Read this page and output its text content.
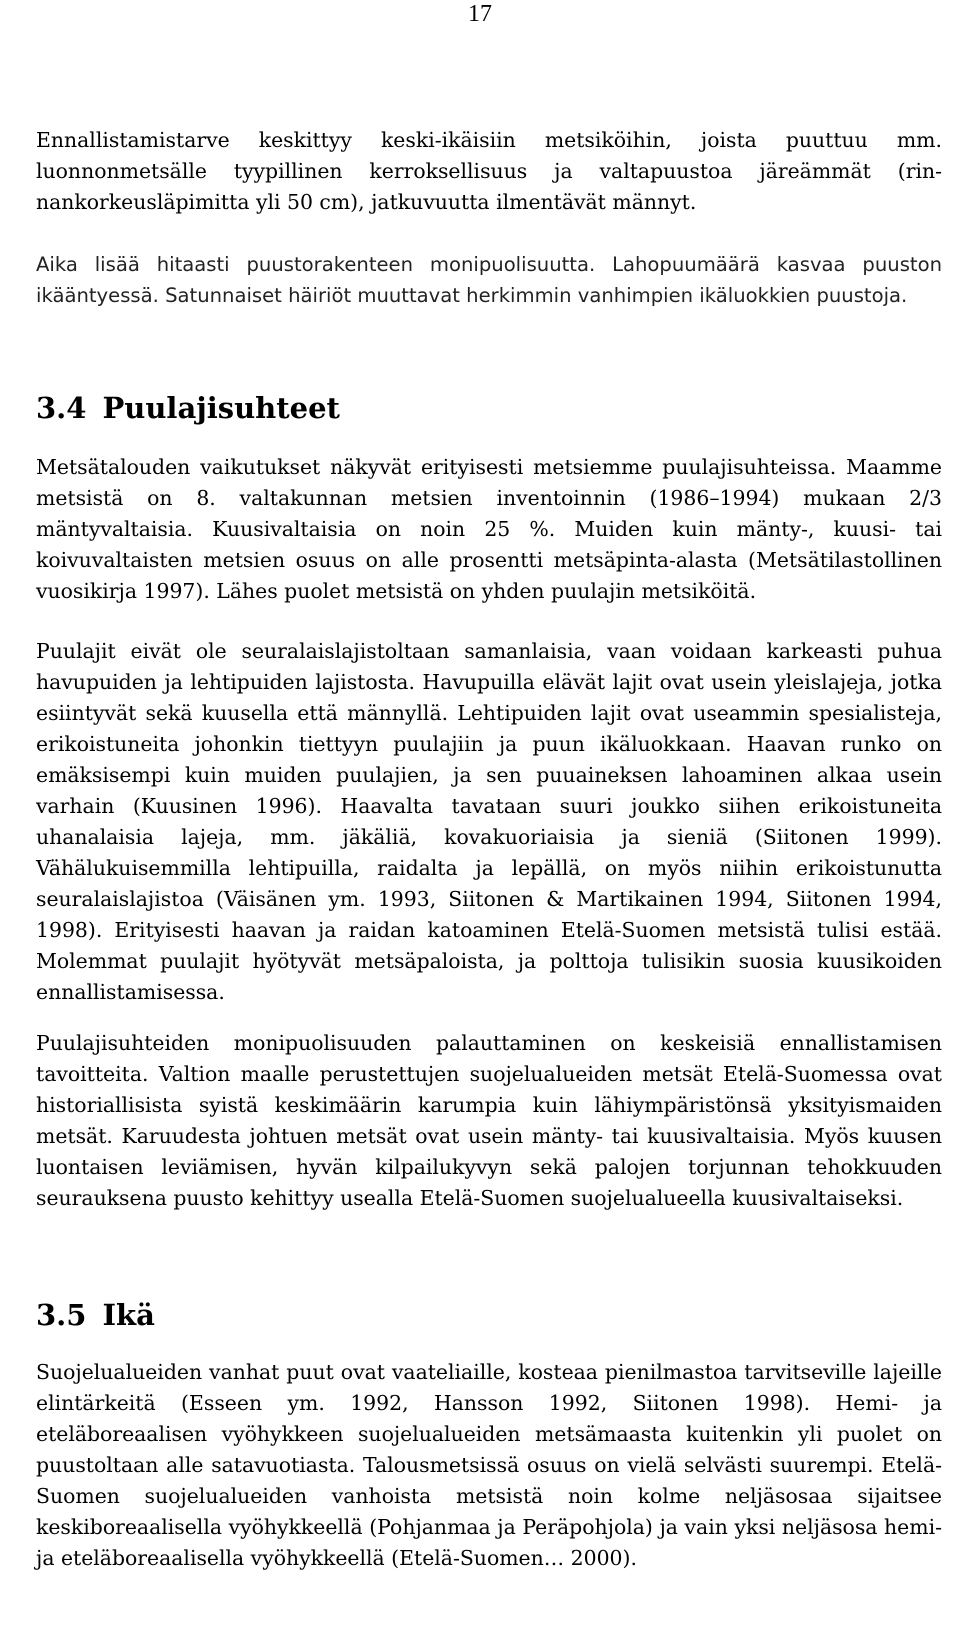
17

Ennallistamistarve keskittyy keski-ikäisiin metsiköihin, joista puuttuu mm. luonnonmetsälle tyypillinen kerroksellisuus ja valtapuustoa järeämmät (rinnankorkeusläpimitta yli 50 cm), jatkuvuutta ilmentävät männyt.

Aika lisää hitaasti puustorakenteen monipuolisuutta. Lahopuumäärä kasvaa puuston ikääntyessä. Satunnaiset häiriöt muuttavat herkimmin vanhimpien ikäluokkien puustoja.

3.4 Puulajisuhteet

Metsätalouden vaikutukset näkyvät erityisesti metsiemme puulajisuhteissa. Maamme metsistä on 8. valtakunnan metsien inventoinnin (1986–1994) mukaan 2/3 mäntyvaltaisia. Kuusivaltaisia on noin 25 %. Muiden kuin mänty-, kuusi- tai koivuvaltaisten metsien osuus on alle prosentti metsäpinta-alasta (Metsätilastollinen vuosikirja 1997). Lähes puolet metsistä on yhden puulajin metsiköitä.

Puulajit eivät ole seuralaislajistoltaan samanlaisia, vaan voidaan karkeasti puhua havupuiden ja lehtipuiden lajistosta. Havupuilla elävät lajit ovat usein yleislajeja, jotka esiintyvät sekä kuusella että männyllä. Lehtipuiden lajit ovat useammin spesialisteja, erikoistuneita johonkin tiettyyn puulajiin ja puun ikäluokkaan. Haavan runko on emäksisempi kuin muiden puulajien, ja sen puuaineksen lahoaminen alkaa usein varhain (Kuusinen 1996). Haavalta tavataan suuri joukko siihen erikoistuneita uhanalaisia lajeja, mm. jäkäliä, kovakuoriaisia ja sieniä (Siitonen 1999). Vähälukuisemmilla lehtipuilla, raidalta ja lepällä, on myös niihin erikoistunutta seuralaislajistoa (Väisänen ym. 1993, Siitonen & Martikainen 1994, Siitonen 1994, 1998). Erityisesti haavan ja raidan katoaminen Etelä-Suomen metsistä tulisi estää. Molemmat puulajit hyötyvät metsäpaloista, ja polttoja tulisikin suosia kuusikoiden ennallistamisessa.

Puulajisuhteiden monipuolisuuden palauttaminen on keskeisiä ennallistamisen tavoitteita. Valtion maalle perustettujen suojelualueiden metsät Etelä-Suomessa ovat historiallisista syistä keskimäärin karumpia kuin lähiympäristönsä yksityismaiden metsät. Karuudesta johtuen metsät ovat usein mänty- tai kuusivaltaisia. Myös kuusen luontaisen leviämisen, hyvän kilpailukyvyn sekä palojen torjunnan tehokkuuden seurauksena puusto kehittyy usealla Etelä-Suomen suojelualueella kuusivaltaiseksi.

3.5 Ikä

Suojelualueiden vanhat puut ovat vaateliaille, kosteaa pienilmastoa tarvitseville lajeille elintärkeitä (Esseen ym. 1992, Hansson 1992, Siitonen 1998). Hemi- ja eteläboreaalisen vyöhykkeen suojelualueiden metsämaasta kuitenkin yli puolet on puustoltaan alle satavuotiasta. Talousmetsissä osuus on vielä selvästi suurempi. Etelä-Suomen suojelualueiden vanhoista metsistä noin kolme neljäsosaa sijaitsee keskiboreaalisella vyöhykkeellä (Pohjanmaa ja Peräpohjola) ja vain yksi neljäsosa hemi- ja eteläboreaalisella vyöhykkeellä (Etelä-Suomen… 2000).
